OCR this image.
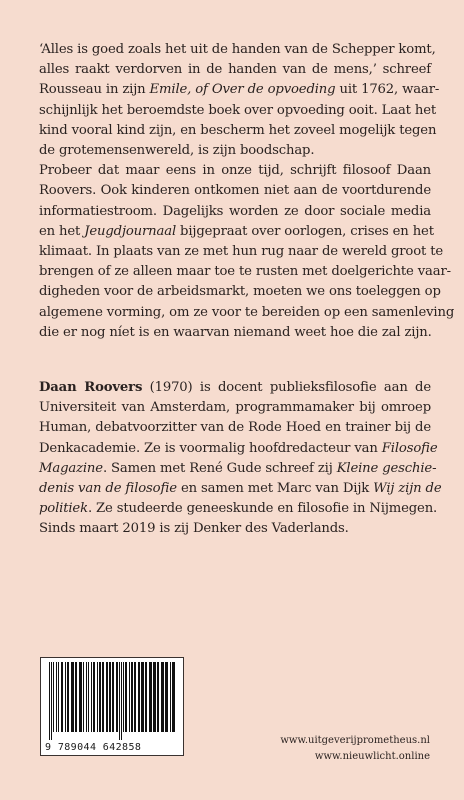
‘Alles is goed zoals het uit de handen van de Schepper komt,
alles raakt verdorven in de handen van de mens,’ schreef
Rousseau in zijn Emile, of Over de opvoeding uit 1762, waar-
schijnlijk het beroemdste boek over opvoeding ooit. Laat het
kind vooral kind zijn, en bescherm het zoveel mogelijk tegen
de grotemensenwereld, is zijn boodschap.
Probeer dat maar eens in onze tijd, schrijft filosoof Daan
Roovers. Ook kinderen ontkomen niet aan de voortdurende
informatiestroom. Dagelijks worden ze door sociale media
en het Jeugdjournaal bijgepraat over oorlogen, crises en het
klimaat. In plaats van ze met hun rug naar de wereld groot te
brengen of ze alleen maar toe te rusten met doelgerichte vaar-
digheden voor de arbeidsmarkt, moeten we ons toeleggen op
algemene vorming, om ze voor te bereiden op een samenleving
die er nog níet is en waarvan niemand weet hoe die zal zijn.
Daan Roovers (1970) is docent publieksfilosofie aan de
Universiteit van Amsterdam, programmamaker bij omroep
Human, debatvoorzitter van de Rode Hoed en trainer bij de
Denkacademie. Ze is voormalig hoofdredacteur van Filosofie
Magazine. Samen met René Gude schreef zij Kleine geschie-
denis van de filosofie en samen met Marc van Dijk Wij zijn de
politiek. Ze studeerde geneeskunde en filosofie in Nijmegen.
Sinds maart 2019 is zij Denker des Vaderlands.
9 789044 642858
www.uitgeverijprometheus.nl
www.nieuwlicht.online
